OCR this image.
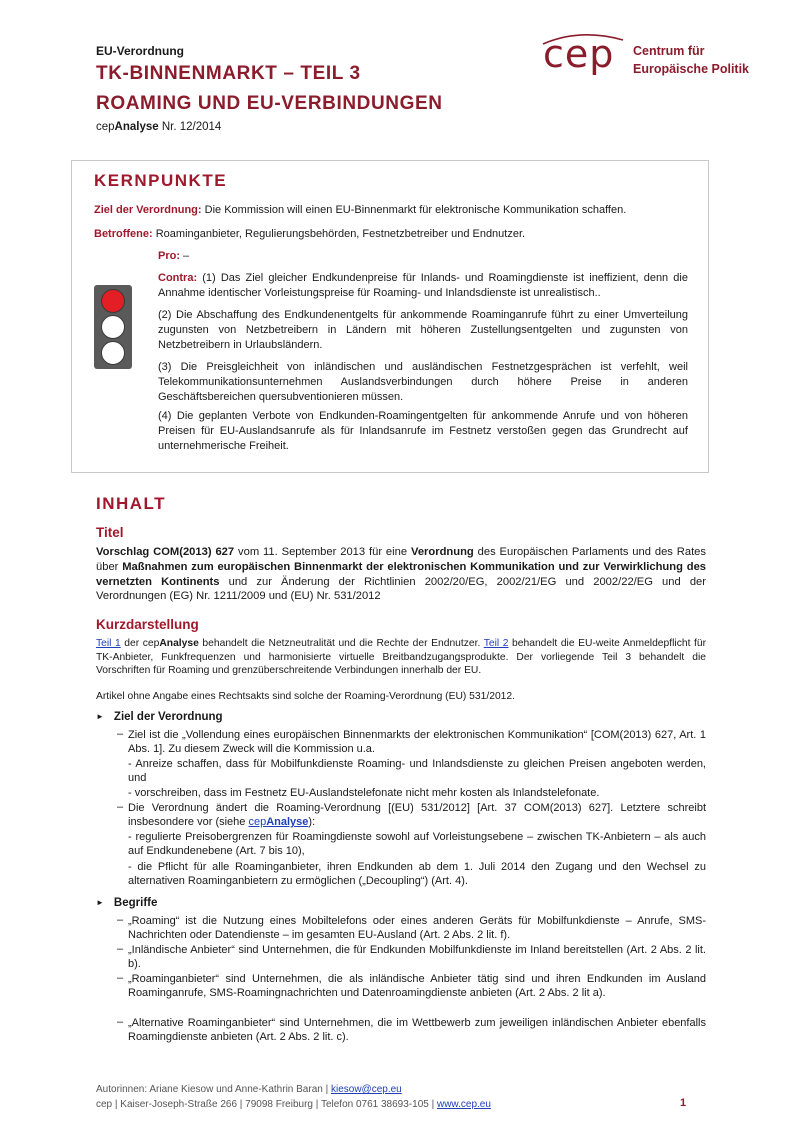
EU-Verordnung
TK-BINNENMARKT – TEIL 3
ROAMING UND EU-VERBINDUNGEN
cepAnalyse Nr. 12/2014
cep Centrum für
Europäische Politik
KERNPUNKTE
Ziel der Verordnung: Die Kommission will einen EU-Binnenmarkt für elektronische Kommunikation schaffen.
Betroffene: Roaminganbieter, Regulierungsbehörden, Festnetzbetreiber und Endnutzer.
Pro: –
Contra: (1) Das Ziel gleicher Endkundenpreise für Inlands- und Roamingdienste ist ineffizient, denn die Annahme identischer Vorleistungspreise für Roaming- und Inlandsdienste ist unrealistisch..
(2) Die Abschaffung des Endkundenentgelts für ankommende Roaminganrufe führt zu einer Umverteilung zugunsten von Netzbetreibern in Ländern mit höheren Zustellungsentgelten und zugunsten von Netzbetreibern in Urlaubsländern.
(3) Die Preisgleichheit von inländischen und ausländischen Festnetzgesprächen ist verfehlt, weil Telekommunikationsunternehmen Auslandsverbindungen durch höhere Preise in anderen Geschäftsbereichen quersubventionieren müssen.
(4) Die geplanten Verbote von Endkunden-Roamingentgelten für ankommende Anrufe und von höheren Preisen für EU-Auslandsanrufe als für Inlandsanrufe im Festnetz verstoßen gegen das Grundrecht auf unternehmerische Freiheit.
INHALT
Titel
Vorschlag COM(2013) 627 vom 11. September 2013 für eine Verordnung des Europäischen Parlaments und des Rates über Maßnahmen zum europäischen Binnenmarkt der elektronischen Kommunikation und zur Verwirklichung des vernetzten Kontinents und zur Änderung der Richtlinien 2002/20/EG, 2002/21/EG und 2002/22/EG und der Verordnungen (EG) Nr. 1211/2009 und (EU) Nr. 531/2012
Kurzdarstellung
Teil 1 der cepAnalyse behandelt die Netzneutralität und die Rechte der Endnutzer. Teil 2 behandelt die EU-weite Anmeldepflicht für TK-Anbieter, Funkfrequenzen und harmonisierte virtuelle Breitbandzugangsprodukte. Der vorliegende Teil 3 behandelt die Vorschriften für Roaming und grenzüberschreitende Verbindungen innerhalb der EU.
Artikel ohne Angabe eines Rechtsakts sind solche der Roaming-Verordnung (EU) 531/2012.
► Ziel der Verordnung
– Ziel ist die „Vollendung eines europäischen Binnenmarkts der elektronischen Kommunikation“ [COM(2013) 627, Art. 1 Abs. 1]. Zu diesem Zweck will die Kommission u.a.
- Anreize schaffen, dass für Mobilfunkdienste Roaming- und Inlandsdienste zu gleichen Preisen angeboten werden, und
- vorschreiben, dass im Festnetz EU-Auslandstelefonate nicht mehr kosten als Inlandstelefonate.
– Die Verordnung ändert die Roaming-Verordnung [(EU) 531/2012] [Art. 37 COM(2013) 627]. Letztere schreibt insbesondere vor (siehe cepAnalyse):
- regulierte Preisobergrenzen für Roamingdienste sowohl auf Vorleistungsebene – zwischen TK-Anbietern – als auch auf Endkundenebene (Art. 7 bis 10),
- die Pflicht für alle Roaminganbieter, ihren Endkunden ab dem 1. Juli 2014 den Zugang und den Wechsel zu alternativen Roaminganbietern zu ermöglichen („Decoupling“) (Art. 4).
► Begriffe
– „Roaming“ ist die Nutzung eines Mobiltelefons oder eines anderen Geräts für Mobilfunkdienste – Anrufe, SMS-Nachrichten oder Datendienste – im gesamten EU-Ausland (Art. 2 Abs. 2 lit. f).
– „Inländische Anbieter“ sind Unternehmen, die für Endkunden Mobilfunkdienste im Inland bereitstellen (Art. 2 Abs. 2 lit. b).
– „Roaminganbieter“ sind Unternehmen, die als inländische Anbieter tätig sind und ihren Endkunden im Ausland Roaminganrufe, SMS-Roamingnachrichten und Datenroamingdienste anbieten (Art. 2 Abs. 2 lit a).
– „Alternative Roaminganbieter“ sind Unternehmen, die im Wettbewerb zum jeweiligen inländischen Anbieter ebenfalls Roamingdienste anbieten (Art. 2 Abs. 2 lit. c).
Autorinnen: Ariane Kiesow und Anne-Kathrin Baran | kiesow@cep.eu
cep | Kaiser-Joseph-Straße 266 | 79098 Freiburg | Telefon 0761 38693-105 | www.cep.eu	1
